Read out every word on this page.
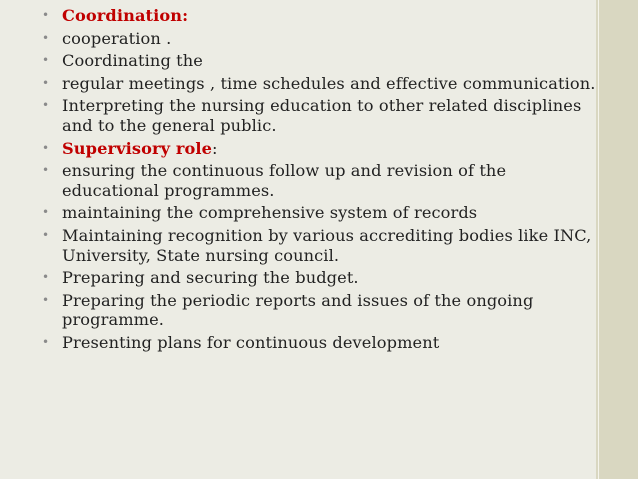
• Coordination:
• cooperation .
• Coordinating the
• regular meetings , time schedules and effective communication.
• Interpreting the nursing education to other related disciplines and to the general public.
• Supervisory role:
• ensuring the continuous follow up and revision of the educational programmes.
• maintaining the comprehensive system of records
• Maintaining recognition by various accrediting bodies like INC, University, State nursing council.
• Preparing and securing the budget.
• Preparing the periodic reports and issues of the ongoing programme.
• Presenting plans for continuous development
